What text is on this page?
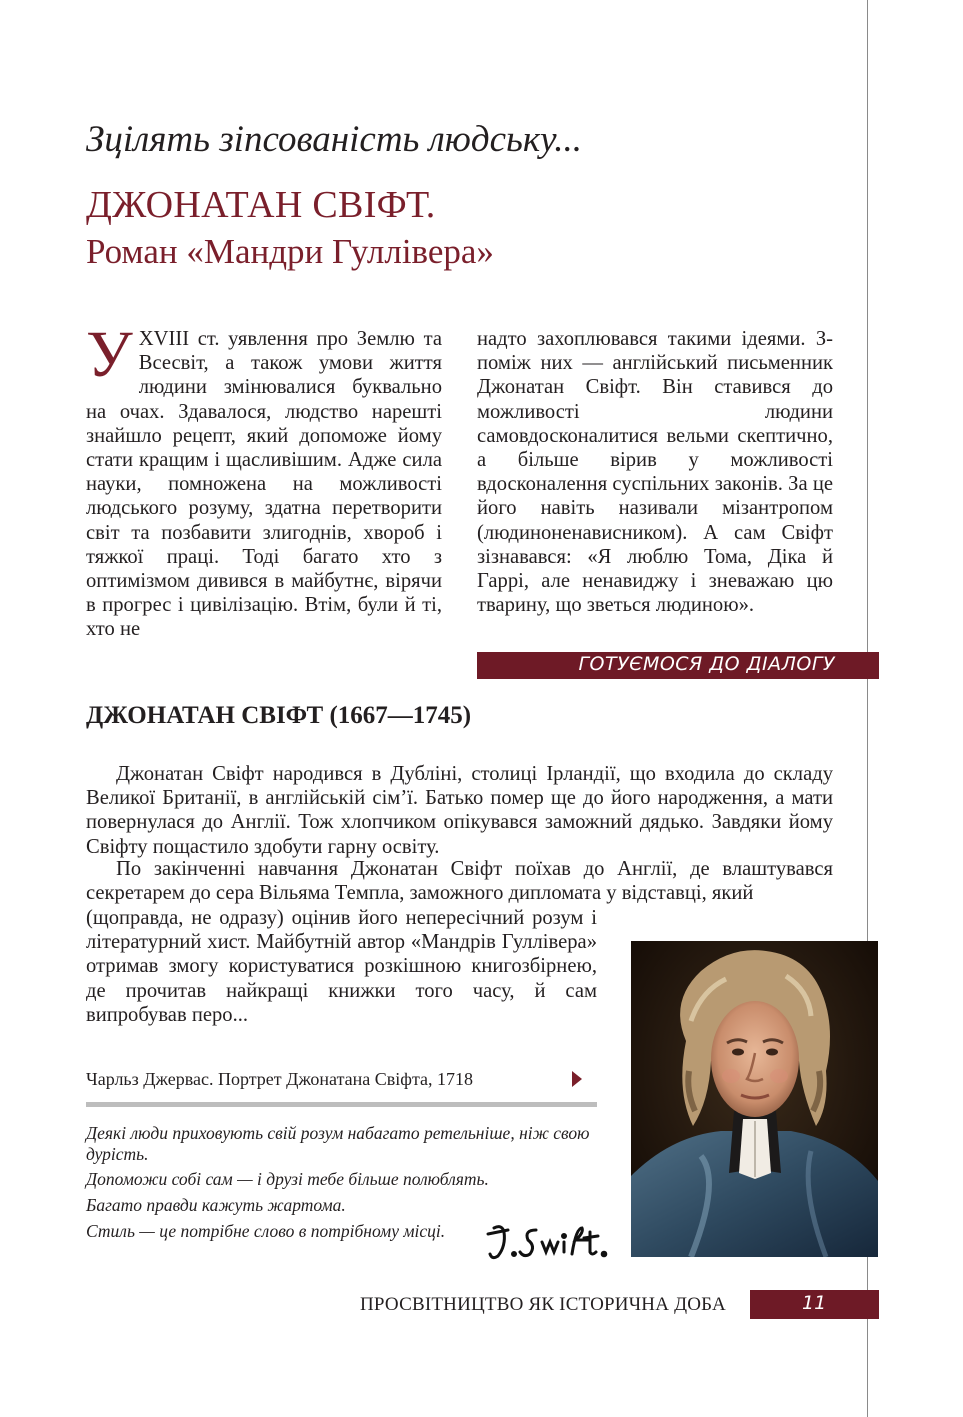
Зцілять зіпсованість людську...
ДЖОНАТАН СВІФТ.
Роман «Мандри Гуллівера»

УXVIII ст. уявлення про Землю та Всесвіт, а також умови життя людини змінювалися буквально на очах. Здавалося, людство нарешті знайшло рецепт, який допоможе йому стати кращим і щасливішим. Адже сила науки, помножена на можливості людського розуму, здатна перетворити світ та позбавити злигоднів, хвороб і тяжкої праці. Тоді багато хто з оптимізмом дивився в майбутнє, вірячи в прогрес і цивілізацію. Втім, були й ті, хто не

надто захоплювався такими ідеями. З-поміж них — англійський письменник Джонатан Свіфт. Він ставився до можливості людини самовдосконалитися вельми скептично, а більше вірив у можливості вдосконалення суспільних законів. За це його навіть називали мізантропом (людиноненависником). А сам Свіфт зізнавався: «Я люблю Тома, Діка й Гаррі, але ненавиджу і зневажаю цю тварину, що зветься людиною».

ГОТУЄМОСЯ ДО ДІАЛОГУ
ДЖОНАТАН СВІФТ (1667—1745)

Джонатан Свіфт народився в Дубліні, столиці Ірландії, що входила до складу Великої Британії, в англійській сім’ї. Батько помер ще до його народження, а мати повернулася до Англії. Тож хлопчиком опікувався заможний дядько. Завдяки йому Свіфту пощастило здобути гарну освіту.

По закінченні навчання Джонатан Свіфт поїхав до Англії, де влаштувався секретарем до сера Вільяма Темпла, заможного дипломата у відставці, який

(щоправда, не одразу) оцінив його непересічний розум і літературний хист. Майбутній автор «Мандрів Гуллівера» отримав змогу користуватися розкішною книгозбірнею, де прочитав найкращі книжки того часу, й сам випробував перо...

Чарльз Джервас. Портрет Джонатана Свіфта, 1718

Деякі люди приховують свій розум набагато ретельніше, ніж свою дурість.

Допоможи собі сам — і друзі тебе більше полюблять.

Багато правди кажуть жартома.

Стиль — це потрібне слово в потрібному місці.

ПРОСВІТНИЦТВО ЯК ІСТОРИЧНА ДОБА	11
